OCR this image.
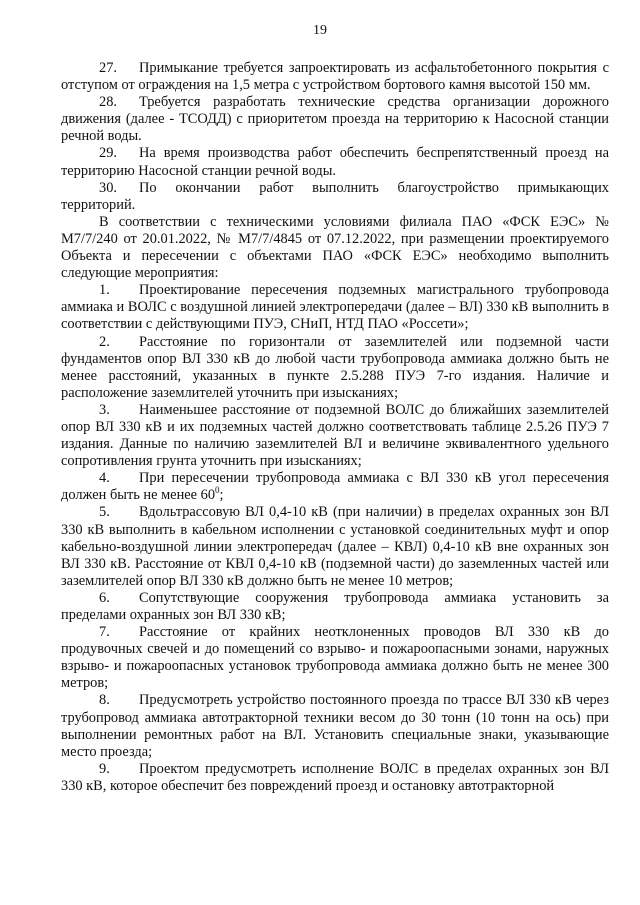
19

27. Примыкание требуется запроектировать из асфальтобетонного покрытия с отступом от ограждения на 1,5 метра с устройством бортового камня высотой 150 мм.

28. Требуется разработать технические средства организации дорожного движения (далее - ТСОДД) с приоритетом проезда на территорию к Насосной станции речной воды.

29. На время производства работ обеспечить беспрепятственный проезд на территорию Насосной станции речной воды.

30. По окончании работ выполнить благоустройство примыкающих территорий.

В соответствии с техническими условиями филиала ПАО «ФСК ЕЭС» № М7/7/240 от 20.01.2022, № М7/7/4845 от 07.12.2022, при размещении проектируемого Объекта и пересечении с объектами ПАО «ФСК ЕЭС» необходимо выполнить следующие мероприятия:

1. Проектирование пересечения подземных магистрального трубопровода аммиака и ВОЛС с воздушной линией электропередачи (далее – ВЛ) 330 кВ выполнить в соответствии с действующими ПУЭ, СНиП, НТД ПАО «Россети»;

2. Расстояние по горизонтали от заземлителей или подземной части фундаментов опор ВЛ 330 кВ до любой части трубопровода аммиака должно быть не менее расстояний, указанных в пункте 2.5.288 ПУЭ 7-го издания. Наличие и расположение заземлителей уточнить при изысканиях;

3. Наименьшее расстояние от подземной ВОЛС до ближайших заземлителей опор ВЛ 330 кВ и их подземных частей должно соответствовать таблице 2.5.26 ПУЭ 7 издания. Данные по наличию заземлителей ВЛ и величине эквивалентного удельного сопротивления грунта уточнить при изысканиях;

4. При пересечении трубопровода аммиака с ВЛ 330 кВ угол пересечения должен быть не менее $60^0$;

5. Вдольтрассовую ВЛ 0,4-10 кВ (при наличии) в пределах охранных зон ВЛ 330 кВ выполнить в кабельном исполнении с установкой соединительных муфт и опор кабельно-воздушной линии электропередач (далее – КВЛ) 0,4-10 кВ вне охранных зон ВЛ 330 кВ. Расстояние от КВЛ 0,4-10 кВ (подземной части) до заземленных частей или заземлителей опор ВЛ 330 кВ должно быть не менее 10 метров;

6. Сопутствующие сооружения трубопровода аммиака установить за пределами охранных зон ВЛ 330 кВ;

7. Расстояние от крайних неотклоненных проводов ВЛ 330 кВ до продувочных свечей и до помещений со взрыво- и пожароопасными зонами, наружных взрыво- и пожароопасных установок трубопровода аммиака должно быть не менее 300 метров;

8. Предусмотреть устройство постоянного проезда по трассе ВЛ 330 кВ через трубопровод аммиака автотракторной техники весом до 30 тонн (10 тонн на ось) при выполнении ремонтных работ на ВЛ. Установить специальные знаки, указывающие место проезда;

9. Проектом предусмотреть исполнение ВОЛС в пределах охранных зон ВЛ 330 кВ, которое обеспечит без повреждений проезд и остановку автотракторной
